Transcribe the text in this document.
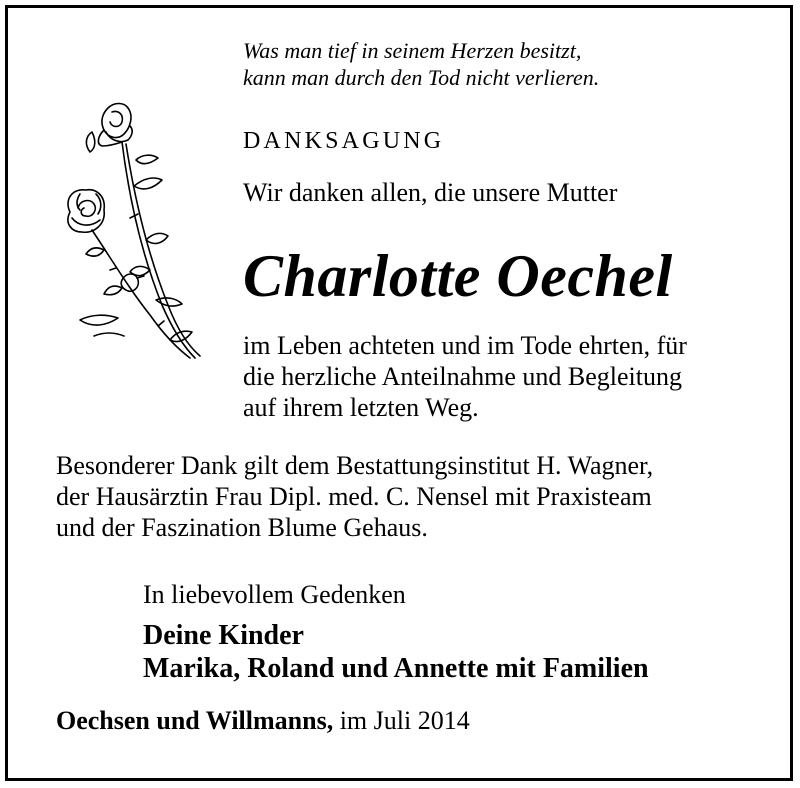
Was man tief in seinem Herzen besitzt,

kann man durch den Tod nicht verlieren.

DANKSAGUNG

Wir danken allen, die unsere Mutter

Charlotte Oechel

im Leben achteten und im Tode ehrten, für

die herzliche Anteilnahme und Begleitung

auf ihrem letzten Weg.

Besonderer Dank gilt dem Bestattungsinstitut H. Wagner,

der Hausärztin Frau Dipl. med. C. Nensel mit Praxisteam

und der Faszination Blume Gehaus.

In liebevollem Gedenken

Deine Kinder

Marika, Roland und Annette mit Familien

Oechsen und Willmanns, im Juli 2014
